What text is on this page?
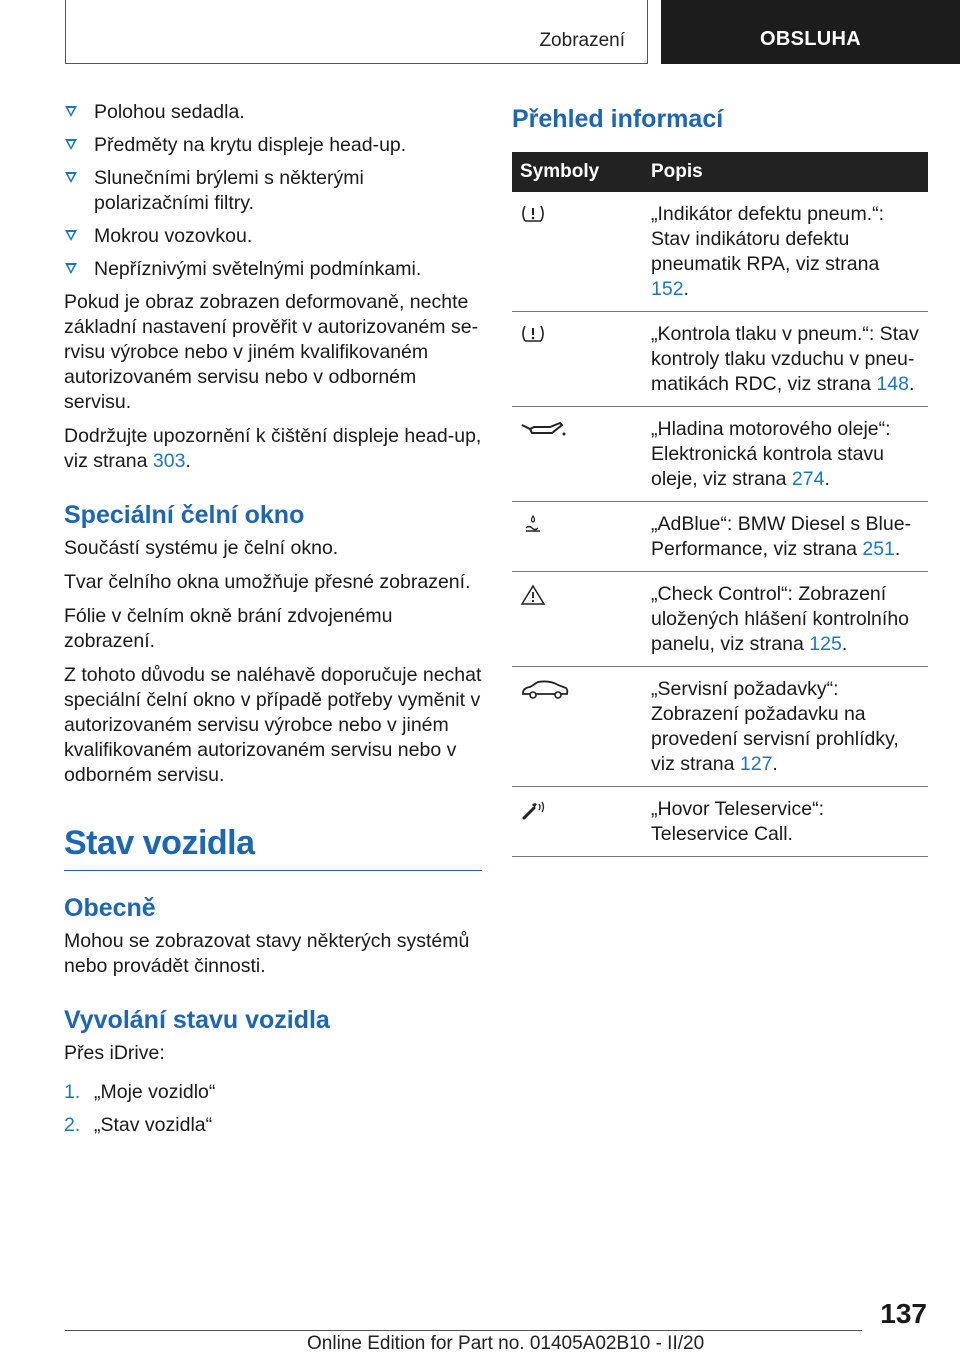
Zobrazení	OBSLUHA
Polohou sedadla.
Předměty na krytu displeje head-up.
Slunečními brýlemi s některými polarizačními filtry.
Mokrou vozovkou.
Nepříznivými světelnými podmínkami.

Pokud je obraz zobrazen deformovaně, nechte základní nastavení prověřit v autorizovaném servisu výrobce nebo v jiném kvalifikovaném autorizovaném servisu nebo v odborném servisu.

Dodržujte upozornění k čištění displeje head-up, viz strana 303.

Speciální čelní okno

Součástí systému je čelní okno.

Tvar čelního okna umožňuje přesné zobrazení.

Fólie v čelním okně brání zdvojenému zobrazení.

Z tohoto důvodu se naléhavě doporučuje nechat speciální čelní okno v případě potřeby vyměnit v autorizovaném servisu výrobce nebo v jiném kvalifikovaném autorizovaném servisu nebo v odborném servisu.

Stav vozidla
Obecně

Mohou se zobrazovat stavy některých systémů nebo provádět činnosti.

Vyvolání stavu vozidla

Přes iDrive:

1. „Moje vozidlo“
2. „Stav vozidla“
Přehled informací
Symboly	Popis
	„Indikátor defektu pneum.“: Stav indikátoru defektu pneumatik RPA, viz strana 152.
	„Kontrola tlaku v pneum.“: Stav kontroly tlaku vzduchu v pneumatikách RDC, viz strana 148.
	„Hladina motorového oleje“: Elektronická kontrola stavu oleje, viz strana 274.
	„AdBlue“: BMW Diesel s BluePerformance, viz strana 251.
	„Check Control“: Zobrazení uložených hlášení kontrolního panelu, viz strana 125.
	„Servisní požadavky“: Zobrazení požadavku na provedení servisní prohlídky, viz strana 127.
	„Hovor Teleservice“: Teleservice Call.
137
Online Edition for Part no. 01405A02B10 - II/20
